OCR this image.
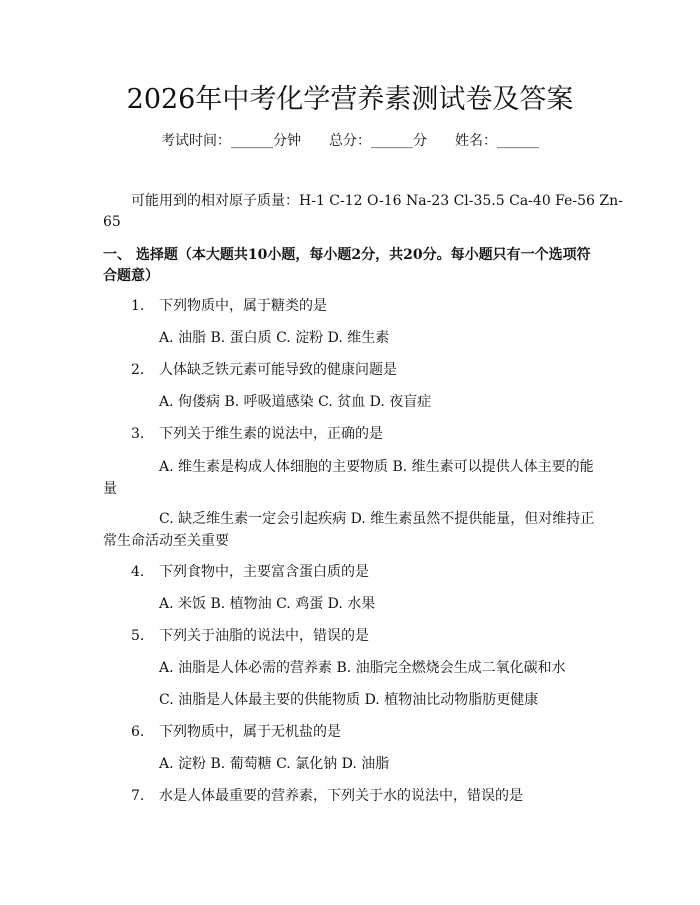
2026年中考化学营养素测试卷及答案
考试时间：______分钟 总分：______分 姓名：______
可能用到的相对原子质量：H-1 C-12 O-16 Na-23 Cl-35.5 Ca-40 Fe-56 Zn-
65
一、 选择题（本大题共10小题，每小题2分，共20分。每小题只有一个选项符
合题意）
1. 下列物质中，属于糖类的是
A. 油脂 B. 蛋白质 C. 淀粉 D. 维生素
2. 人体缺乏铁元素可能导致的健康问题是
A. 佝偻病 B. 呼吸道感染 C. 贫血 D. 夜盲症
3. 下列关于维生素的说法中，正确的是
A. 维生素是构成人体细胞的主要物质 B. 维生素可以提供人体主要的能
量
C. 缺乏维生素一定会引起疾病 D. 维生素虽然不提供能量，但对维持正
常生命活动至关重要
4. 下列食物中，主要富含蛋白质的是
A. 米饭 B. 植物油 C. 鸡蛋 D. 水果
5. 下列关于油脂的说法中，错误的是
A. 油脂是人体必需的营养素 B. 油脂完全燃烧会生成二氧化碳和水
C. 油脂是人体最主要的供能物质 D. 植物油比动物脂肪更健康
6. 下列物质中，属于无机盐的是
A. 淀粉 B. 葡萄糖 C. 氯化钠 D. 油脂
7. 水是人体最重要的营养素，下列关于水的说法中，错误的是
